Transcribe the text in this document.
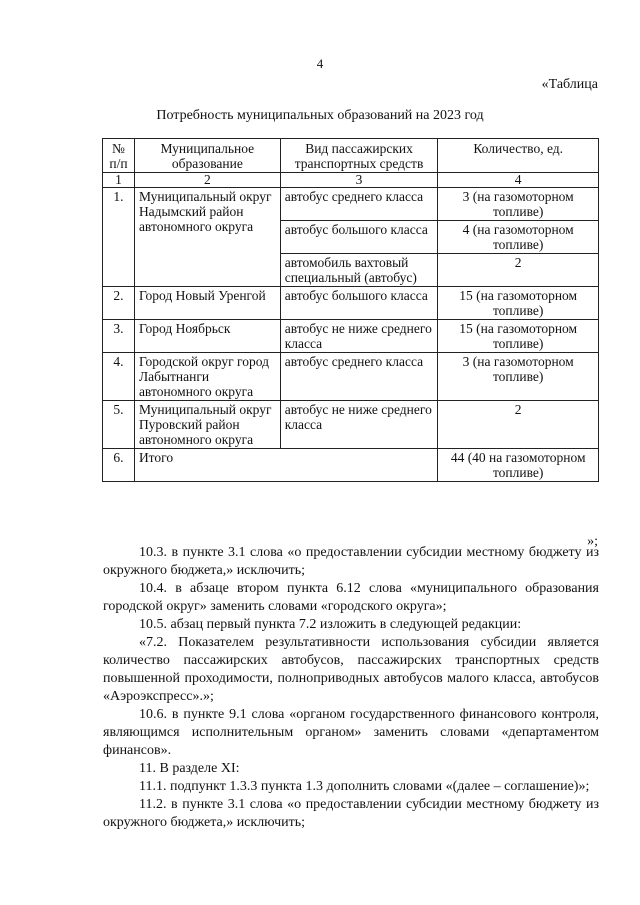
4
«Таблица
Потребность муниципальных образований на 2023 год
№ п/п	Муниципальное образование	Вид пассажирских транспортных средств	Количество, ед.
1	2	3	4
1.	Муниципальный округ Надымский район автономного округа	автобус среднего класса	3 (на газомоторном топливе)
		автобус большого класса	4 (на газомоторном топливе)
		автомобиль вахтовый специальный (автобус)	2
2.	Город Новый Уренгой	автобус большого класса	15 (на газомоторном топливе)
3.	Город Ноябрьск	автобус не ниже среднего класса	15 (на газомоторном топливе)
4.	Городской округ город Лабытнанги автономного округа	автобус среднего класса	3 (на газомоторном топливе)
5.	Муниципальный округ Пуровский район автономного округа	автобус не ниже среднего класса	2
6.	Итого		44 (40 на газомоторном топливе)
»;

10.3. в пункте 3.1 слова «о предоставлении субсидии местному бюджету из окружного бюджета,» исключить;

10.4. в абзаце втором пункта 6.12 слова «муниципального образования городской округ» заменить словами «городского округа»;

10.5. абзац первый пункта 7.2 изложить в следующей редакции:

«7.2. Показателем результативности использования субсидии является количество пассажирских автобусов, пассажирских транспортных средств повышенной проходимости, полноприводных автобусов малого класса, автобусов «Аэроэкспресс».»;

10.6. в пункте 9.1 слова «органом государственного финансового контроля, являющимся исполнительным органом» заменить словами «департаментом финансов».

11. В разделе XI:

11.1. подпункт 1.3.3 пункта 1.3 дополнить словами «(далее – соглашение)»;

11.2. в пункте 3.1 слова «о предоставлении субсидии местному бюджету из окружного бюджета,» исключить;
